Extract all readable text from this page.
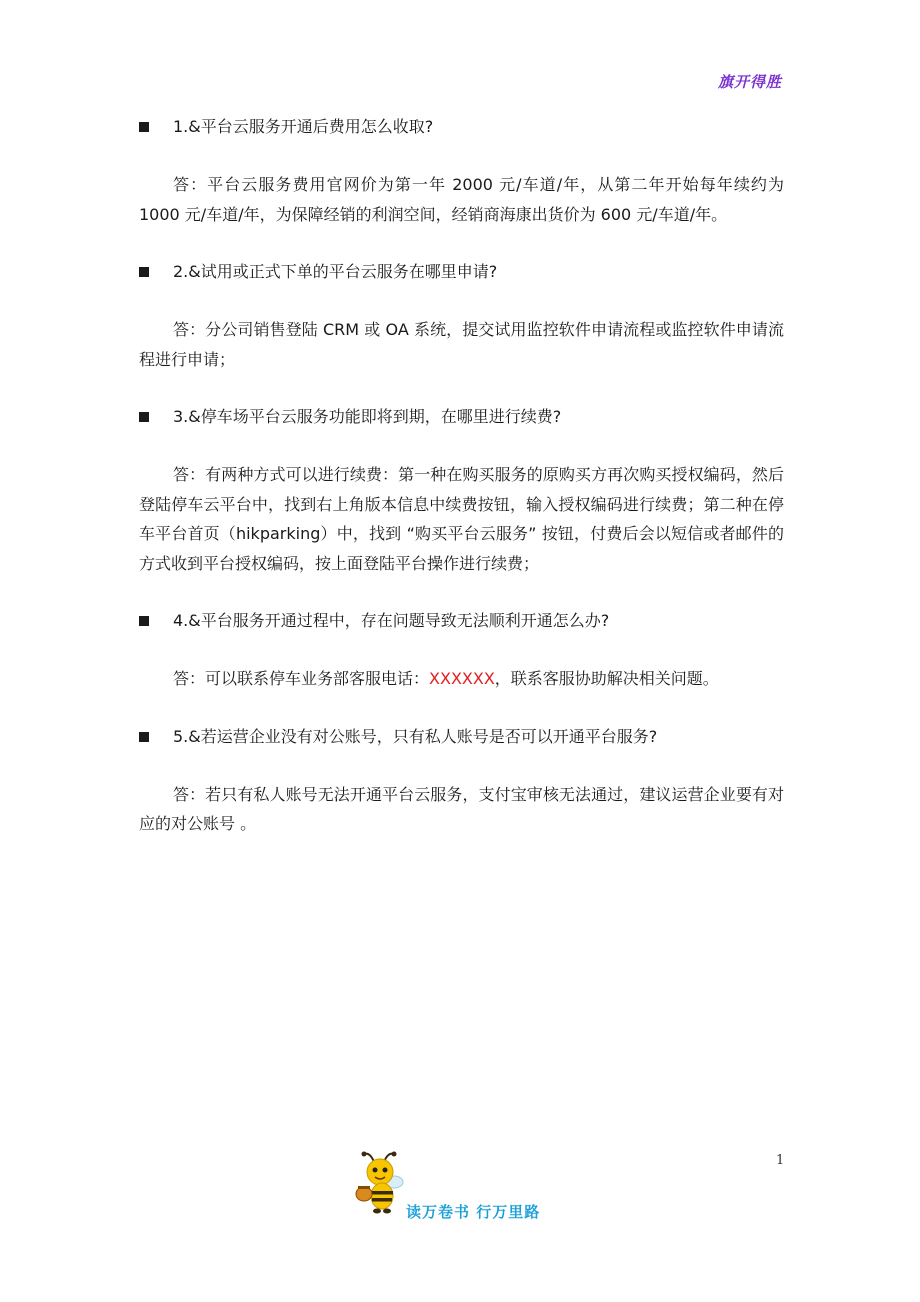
旗开得胜
1.&平台云服务开通后费用怎么收取?

答：平台云服务费用官网价为第一年 2000 元/车道/年，从第二年开始每年续约为 1000 元/车道/年，为保障经销的利润空间，经销商海康出货价为 600 元/车道/年。

2.&试用或正式下单的平台云服务在哪里申请?

答：分公司销售登陆 CRM 或 OA 系统，提交试用监控软件申请流程或监控软件申请流程进行申请；

3.&停车场平台云服务功能即将到期，在哪里进行续费?

答：有两种方式可以进行续费：第一种在购买服务的原购买方再次购买授权编码，然后登陆停车云平台中，找到右上角版本信息中续费按钮，输入授权编码进行续费；第二种在停车平台首页（hikparking）中，找到 “购买平台云服务” 按钮，付费后会以短信或者邮件的方式收到平台授权编码，按上面登陆平台操作进行续费；

4.&平台服务开通过程中，存在问题导致无法顺利开通怎么办?

答：可以联系停车业务部客服电话：XXXXXX，联系客服协助解决相关问题。

5.&若运营企业没有对公账号，只有私人账号是否可以开通平台服务?

答：若只有私人账号无法开通平台云服务，支付宝审核无法通过，建议运营企业要有对应的对公账号 。

1
读万卷书 行万里路
